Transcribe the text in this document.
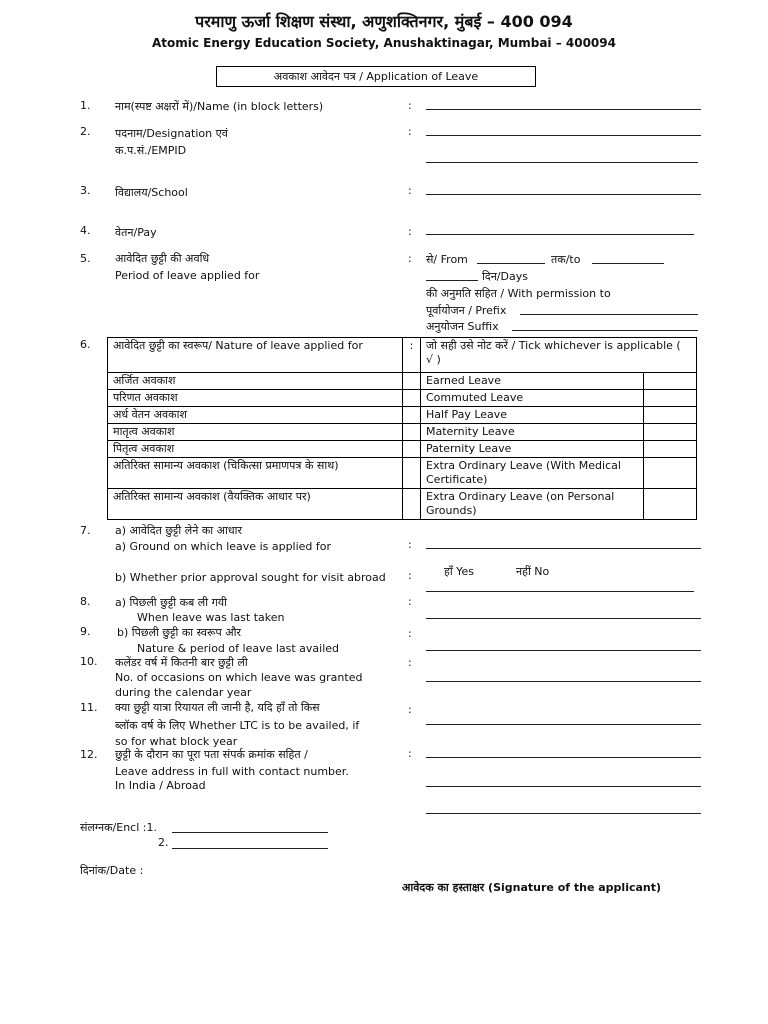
परमाणु ऊर्जा शिक्षण संस्था, अणुशक्तिनगर, मुंबई – 400 094
Atomic Energy Education Society, Anushaktinagar, Mumbai – 400094
अवकाश आवेदन पत्र / Application of Leave
1.	नाम(स्पष्ट अक्षरों में)/Name (in block letters)	:
2.	पदनाम/Designation एवं
क.प.सं./EMPID
:
3.	विद्यालय/School	:
4.	वेतन/Pay	:
5.	आवेदित छुट्टी की अवधि
Period of leave applied for
:	से/ From	तक/to
दिन/Days
की अनुमति सहित / With permission to
पूर्वायोजन / Prefix
अनुयोजन Suffix
6.	आवेदित छुट्टी का स्वरूप/ Nature of leave applied for	:	जो सही उसे नोट करें / Tick whichever is applicable ( √ )	
अर्जित अवकाश		Earned Leave	
परिणत अवकाश		Commuted Leave	
अर्ध वेतन अवकाश		Half Pay Leave	
मातृत्व अवकाश		Maternity Leave	
पितृत्व अवकाश		Paternity Leave	
अतिरिक्त सामान्य अवकाश (चिकित्सा प्रमाणपत्र के साथ)		Extra Ordinary Leave (With Medical Certificate)	
अतिरिक्त सामान्य अवकाश (वैयक्तिक आधार पर)		Extra Ordinary Leave (on Personal Grounds)	
7.	a) आवेदित छुट्टी लेने का आधार
a) Ground on which leave is applied for	:
b) Whether prior approval sought for visit abroad :	हाँ Yes	नहीं No
8.	a) पिछली छुट्टी कब ली गयी
When leave was last taken
:
9.	b) पिछली छुट्टी का स्वरूप और
Nature & period of leave last availed
:
10.	कलेंडर वर्ष में कितनी बार छुट्टी ली
No. of occasions on which leave was granted
during the calendar year
:
11.	क्या छुट्टी यात्रा रियायत ली जानी है, यदि हाँ तो किस
ब्लॉक वर्ष के लिए Whether LTC is to be availed, if
so for what block year
:
12.	छुट्टी के दौरान का पूरा पता संपर्क क्रमांक सहित /
Leave address in full with contact number.
In India / Abroad
:
संलग्नक/Encl :1.
2.
दिनांक/Date :
आवेदक का हस्ताक्षर (Signature of the applicant)
